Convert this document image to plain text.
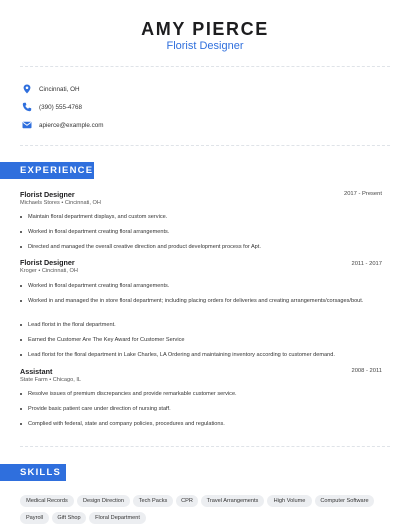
AMY PIERCE
Florist Designer
Cincinnati, OH
(390) 555-4768
apierce@example.com
EXPERIENCE
Florist Designer	2017 - Present
Michaels Stores • Cincinnati, OH
Maintain floral department displays, and custom service.
Worked in floral department creating floral arrangements.
Directed and managed the overall creative direction and product development process for Apt.
Florist Designer	2011 - 2017
Kroger • Cincinnati, OH
Worked in floral department creating floral arrangements.
Worked in and managed the in store floral department; including placing orders for deliveries and creating arrangements/corsages/bout.
Lead florist in the floral department.
Earned the Customer Are The Key Award for Customer Service
Lead florist for the floral department in Lake Charles, LA Ordering and maintaining inventory according to customer demand.
Assistant	2008 - 2011
State Farm • Chicago, IL
Resolve issues of premium discrepancies and provide remarkable customer service.
Provide basic patient care under direction of nursing staff.
Complied with federal, state and company policies, procedures and regulations.
SKILLS
Medical Records	Design Direction	Tech Packs	CPR	Travel Arrangements	High Volume	Computer Software
Payroll	Gift Shop	Floral Department
